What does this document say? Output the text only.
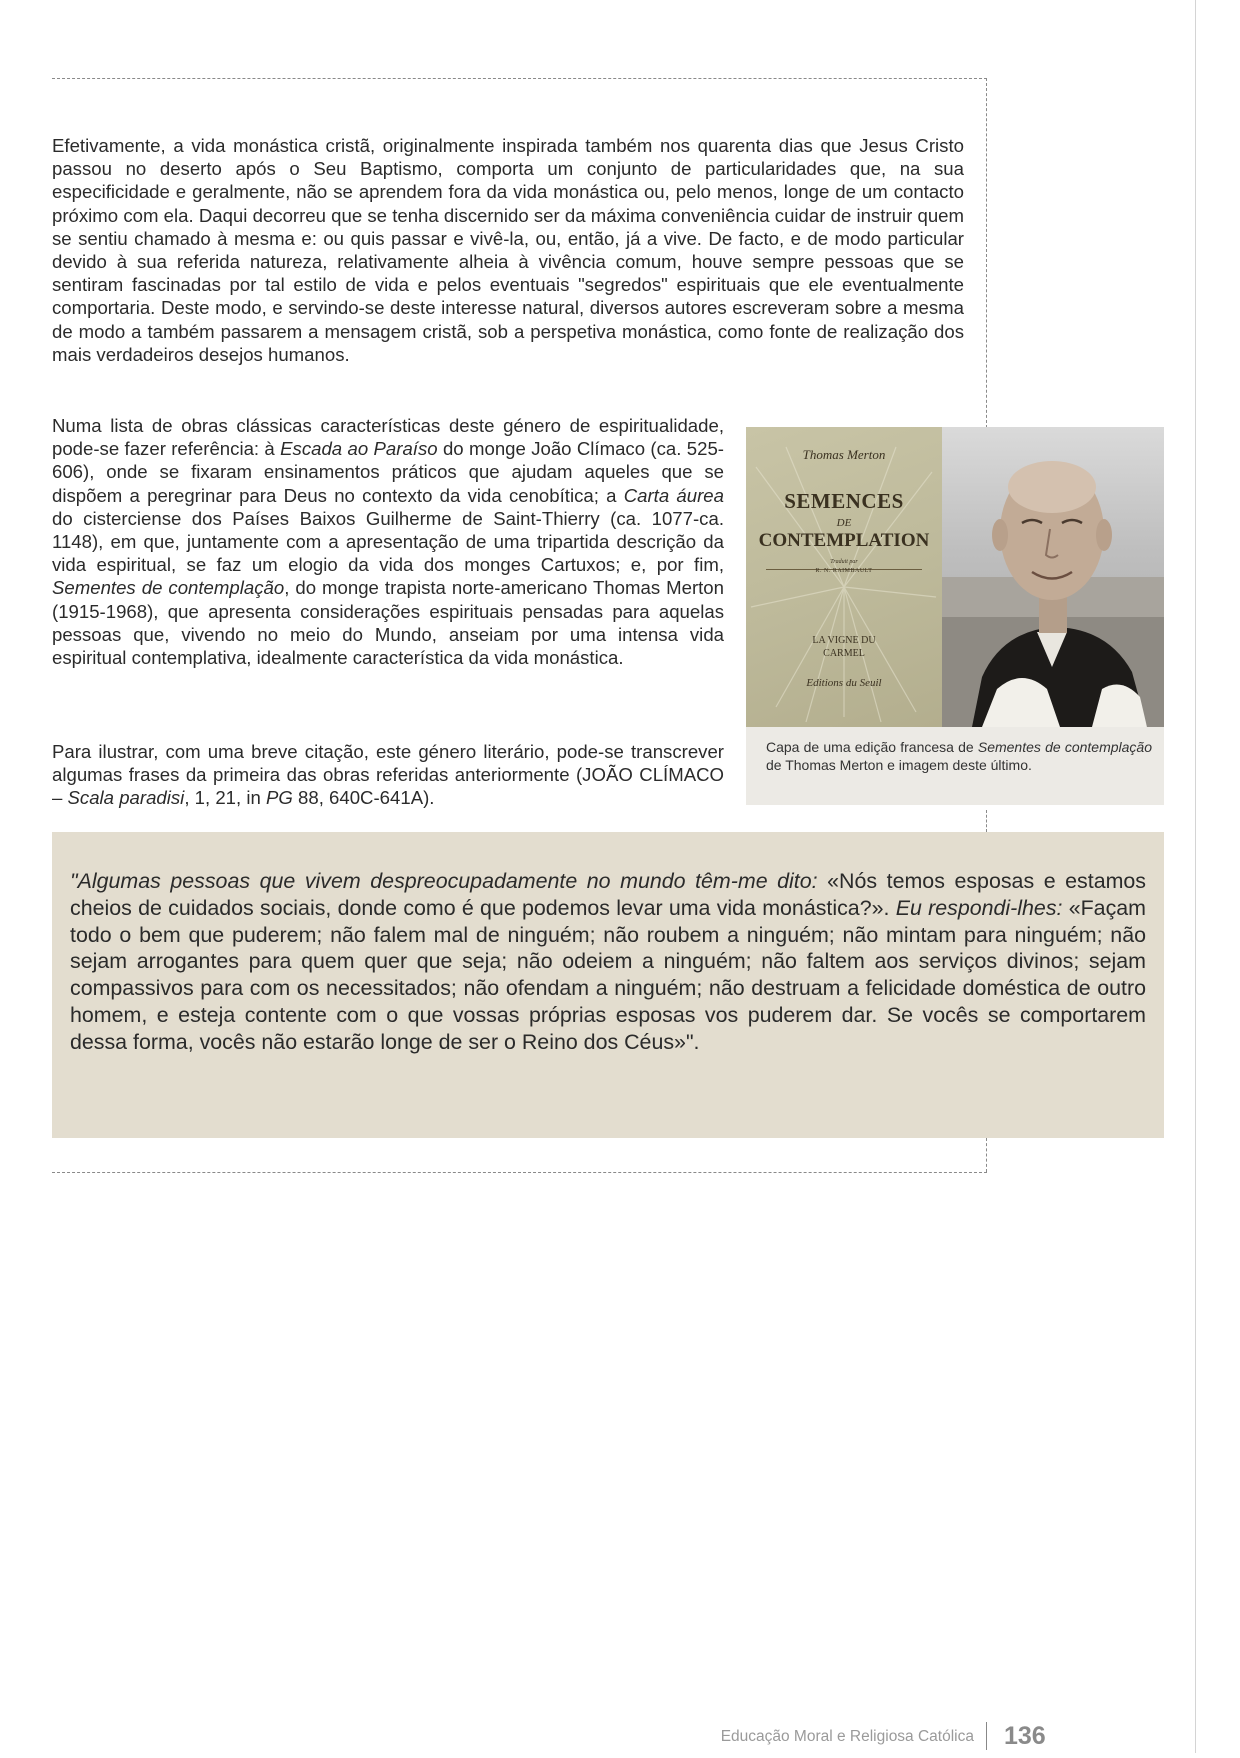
Efetivamente, a vida monástica cristã, originalmente inspirada também nos quarenta dias que Jesus Cristo passou no deserto após o Seu Baptismo, comporta um conjunto de particularidades que, na sua especificidade e geralmente, não se aprendem fora da vida monástica ou, pelo menos, longe de um contacto próximo com ela. Daqui decorreu que se tenha discernido ser da máxima conveniência cuidar de instruir quem se sentiu chamado à mesma e: ou quis passar e vivê-la, ou, então, já a vive. De facto, e de modo particular devido à sua referida natureza, relativamente alheia à vivência comum, houve sempre pessoas que se sentiram fascinadas por tal estilo de vida e pelos eventuais "segredos" espirituais que ele eventualmente comportaria. Deste modo, e servindo-se deste interesse natural, diversos autores escreveram sobre a mesma de modo a também passarem a mensagem cristã, sob a perspetiva monástica, como fonte de realização dos mais verdadeiros desejos humanos.

Numa lista de obras clássicas características deste género de espiritualidade, pode-se fazer referência: à Escada ao Paraíso do monge João Clímaco (ca. 525-606), onde se fixaram ensinamentos práticos que ajudam aqueles que se dispõem a peregrinar para Deus no contexto da vida cenobítica; a Carta áurea do cisterciense dos Países Baixos Guilherme de Saint-Thierry (ca. 1077-ca. 1148), em que, juntamente com a apresentação de uma tripartida descrição da vida espiritual, se faz um elogio da vida dos monges Cartuxos; e, por fim, Sementes de contemplação, do monge trapista norte-americano Thomas Merton (1915-1968), que apresenta considerações espirituais pensadas para aquelas pessoas que, vivendo no meio do Mundo, anseiam por uma intensa vida espiritual contemplativa, idealmente característica da vida monástica.

Para ilustrar, com uma breve citação, este género literário, pode-se transcrever algumas frases da primeira das obras referidas anteriormente (JOÃO CLÍMACO – Scala paradisi, 1, 21, in PG 88, 640C-641A).

Thomas Merton
SEMENCES
DE
CONTEMPLATION
Traduit par
R. N. RAIMBAULT
LA VIGNE DU
CARMEL
Editions du Seuil

Capa de uma edição francesa de Sementes de contemplação de Thomas Merton e imagem deste último.

"Algumas pessoas que vivem despreocupadamente no mundo têm-me dito: «Nós temos esposas e estamos cheios de cuidados sociais, donde como é que podemos levar uma vida monástica?». Eu respondi-lhes: «Façam todo o bem que puderem; não falem mal de ninguém; não roubem a ninguém; não mintam para ninguém; não sejam arrogantes para quem quer que seja; não odeiem a ninguém; não faltem aos serviços divinos; sejam compassivos para com os necessitados; não ofendam a ninguém; não destruam a felicidade doméstica de outro homem, e esteja contente com o que vossas próprias esposas vos puderem dar. Se vocês se comportarem dessa forma, vocês não estarão longe de ser o Reino dos Céus»".

Educação Moral e Religiosa Católica 136
